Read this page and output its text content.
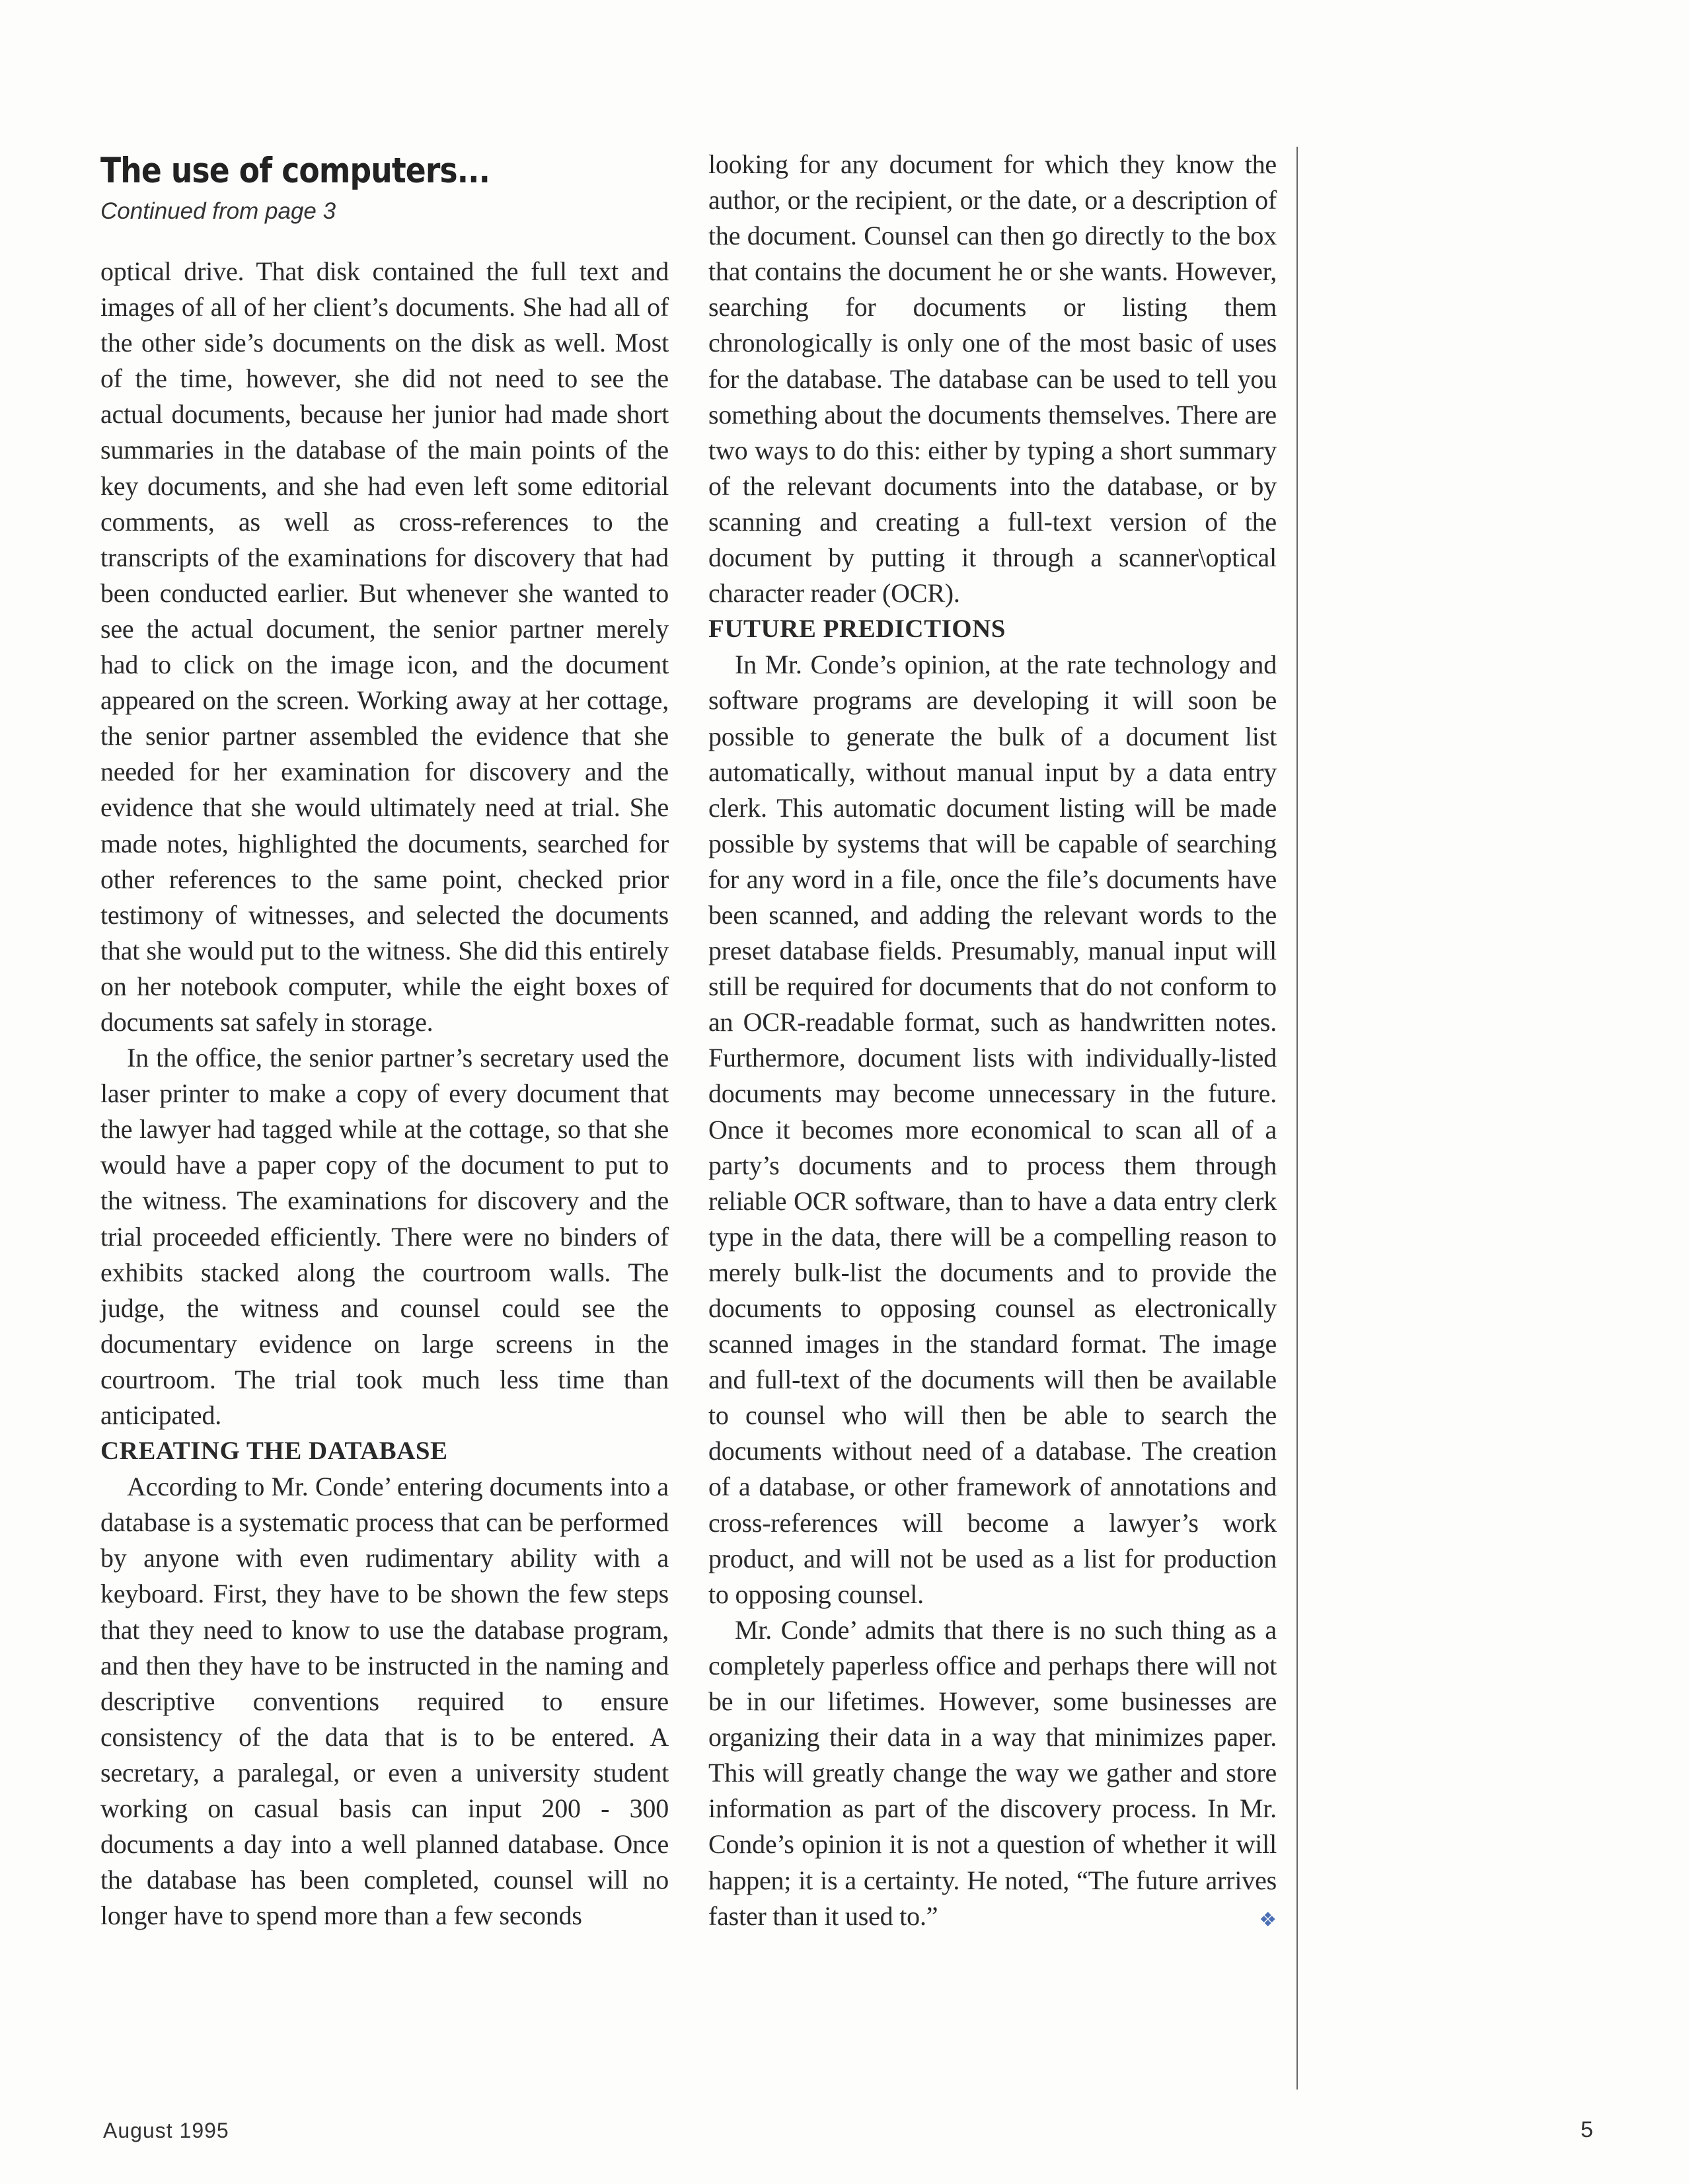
The use of computers...
Continued from page 3

optical drive. That disk contained the full text and images of all of her client’s documents. She had all of the other side’s documents on the disk as well. Most of the time, however, she did not need to see the actual documents, because her junior had made short summaries in the database of the main points of the key documents, and she had even left some editorial comments, as well as cross-references to the transcripts of the examinations for discovery that had been conducted earlier. But whenever she wanted to see the actual document, the senior partner merely had to click on the image icon, and the document appeared on the screen. Working away at her cottage, the senior partner assembled the evidence that she needed for her examination for discovery and the evidence that she would ultimately need at trial. She made notes, highlighted the documents, searched for other references to the same point, checked prior testimony of witnesses, and selected the documents that she would put to the witness. She did this entirely on her notebook computer, while the eight boxes of documents sat safely in storage.

In the office, the senior partner’s secretary used the laser printer to make a copy of every document that the lawyer had tagged while at the cottage, so that she would have a paper copy of the document to put to the witness. The examinations for discovery and the trial proceeded efficiently. There were no binders of exhibits stacked along the courtroom walls. The judge, the witness and counsel could see the documentary evidence on large screens in the courtroom. The trial took much less time than anticipated.

CREATING THE DATABASE

According to Mr. Conde’ entering documents into a database is a systematic process that can be performed by anyone with even rudimentary ability with a keyboard. First, they have to be shown the few steps that they need to know to use the database program, and then they have to be instructed in the naming and descriptive conventions required to ensure consistency of the data that is to be entered. A secretary, a paralegal, or even a university student working on casual basis can input 200 - 300 documents a day into a well planned database. Once the database has been completed, counsel will no longer have to spend more than a few seconds

looking for any document for which they know the author, or the recipient, or the date, or a description of the document. Counsel can then go directly to the box that contains the document he or she wants. However, searching for documents or listing them chronologically is only one of the most basic of uses for the database. The database can be used to tell you something about the documents themselves. There are two ways to do this: either by typing a short summary of the relevant documents into the database, or by scanning and creating a full-text version of the document by putting it through a scanner\optical character reader (OCR).

FUTURE PREDICTIONS

In Mr. Conde’s opinion, at the rate technology and software programs are developing it will soon be possible to generate the bulk of a document list automatically, without manual input by a data entry clerk. This automatic document listing will be made possible by systems that will be capable of searching for any word in a file, once the file’s documents have been scanned, and adding the relevant words to the preset database fields. Presumably, manual input will still be required for documents that do not conform to an OCR-readable format, such as handwritten notes. Furthermore, document lists with individually-listed documents may become unnecessary in the future. Once it becomes more economical to scan all of a party’s documents and to process them through reliable OCR software, than to have a data entry clerk type in the data, there will be a compelling reason to merely bulk-list the documents and to provide the documents to opposing counsel as electronically scanned images in the standard format. The image and full-text of the documents will then be available to counsel who will then be able to search the documents without need of a database. The creation of a database, or other framework of annotations and cross-references will become a lawyer’s work product, and will not be used as a list for production to opposing counsel.

Mr. Conde’ admits that there is no such thing as a completely paperless office and perhaps there will not be in our lifetimes. However, some businesses are organizing their data in a way that minimizes paper. This will greatly change the way we gather and store information as part of the discovery process. In Mr. Conde’s opinion it is not a question of whether it will happen; it is a certainty. He noted, “The future arrives faster than it used to.”	❖

August 1995	5
